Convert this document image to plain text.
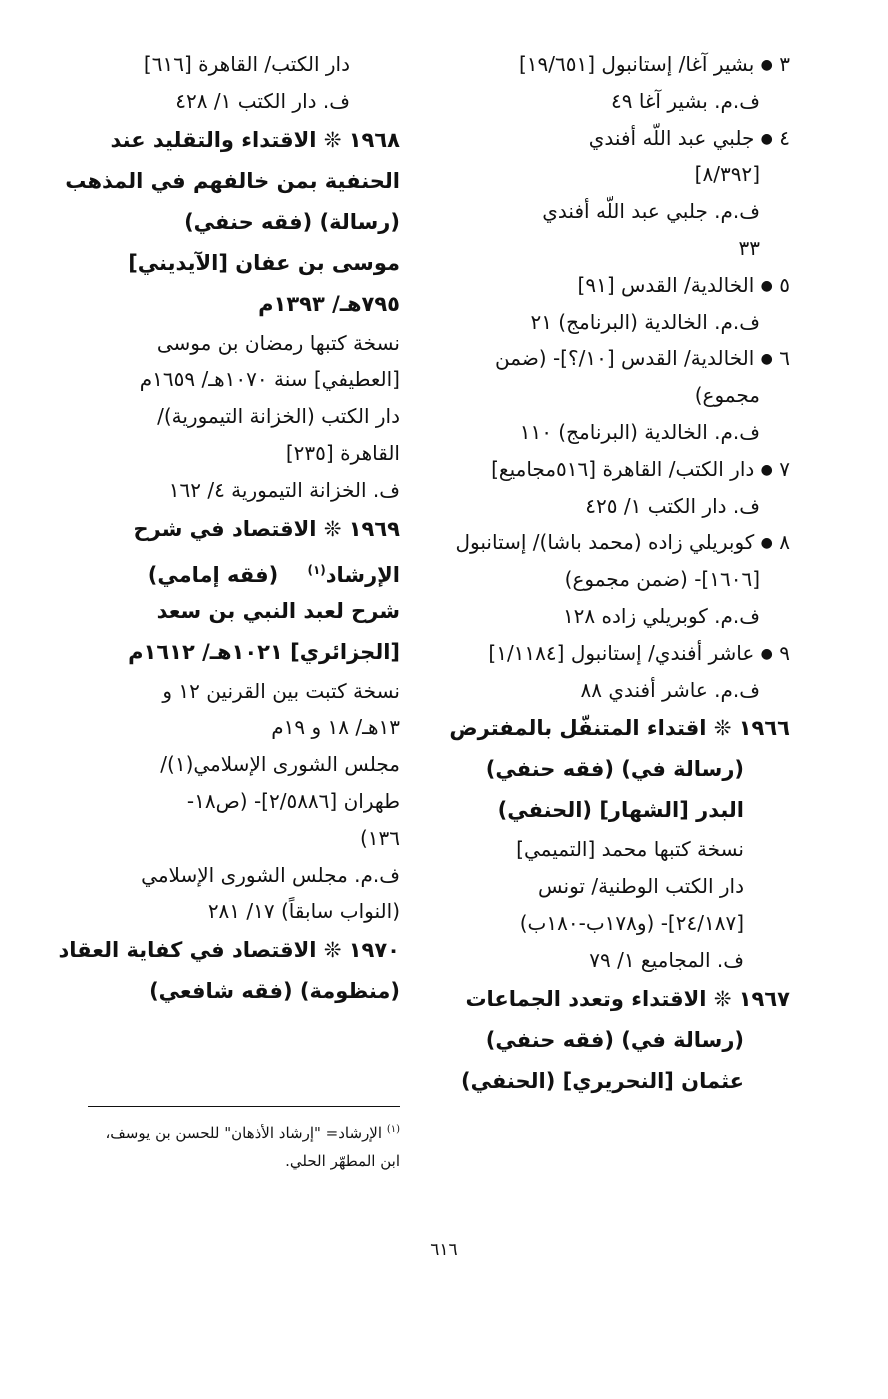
٣ ● بشير آغا/ إستانبول [١٩/٦٥١]
ف.م. بشير آغا ٤٩
٤ ● جلبي عبد اللّه أفندي
[٨/٣٩٢]
ف.م. جلبي عبد اللّه أفندي
٣٣
٥ ● الخالدية/ القدس [٩١]
ف.م. الخالدية (البرنامج) ٢١
٦ ● الخالدية/ القدس [١٠/؟]- (ضمن
مجموع)
ف.م. الخالدية (البرنامج) ١١٠
٧ ● دار الكتب/ القاهرة [٥١٦مجاميع]
ف. دار الكتب ١/ ٤٢٥
٨ ● كوبريلي زاده (محمد باشا)/ إستانبول
[١٦٠٦]- (ضمن مجموع)
ف.م. كوبريلي زاده ١٢٨
٩ ● عاشر أفندي/ إستانبول [١/١١٨٤]
ف.م. عاشر أفندي ٨٨
١٩٦٦ ❊ اقتداء المتنفّل بالمفترض
(رسالة في) (فقه حنفي)
البدر [الشهار] (الحنفي)
نسخة كتبها محمد [التميمي]
دار الكتب الوطنية/ تونس
[٢٤/١٨٧]- (و١٧٨ب-١٨٠ب)
ف. المجاميع ١/ ٧٩
١٩٦٧ ❊ الاقتداء وتعدد الجماعات
(رسالة في) (فقه حنفي)
عثمان [النحريري] (الحنفي)
دار الكتب/ القاهرة [٦١٦]
ف. دار الكتب ١/ ٤٢٨
١٩٦٨ ❊ الاقتداء والتقليد عند
الحنفية بمن خالفهم في المذهب
(رسالة) (فقه حنفي)
موسى بن عفان [الآيديني]
٧٩٥هـ/ ١٣٩٣م
نسخة كتبها رمضان بن موسى
[العطيفي] سنة ١٠٧٠هـ/ ١٦٥٩م
دار الكتب (الخزانة التيمورية)/
القاهرة [٢٣٥]
ف. الخزانة التيمورية ٤/ ١٦٢
١٩٦٩ ❊ الاقتصاد في شرح
الإرشاد$^{(١)}$    (فقه إمامي)
شرح لعبد النبي بن سعد
[الجزائري] ١٠٢١هـ/ ١٦١٢م
نسخة كتبت بين القرنين ١٢ و
١٣هـ/ ١٨ و ١٩م
مجلس الشورى الإسلامي(١)/
طهران [٢/٥٨٨٦]- (ص١٨-
١٣٦)
ف.م. مجلس الشورى الإسلامي
(النواب سابقاً) ١٧/ ٢٨١
١٩٧٠ ❊ الاقتصاد في كفاية العقاد
(منظومة) (فقه شافعي)
$^{(١)}$ الإرشاد= "إرشاد الأذهان" للحسن بن يوسف،
ابن المطهّر الحلي.
٦١٦
